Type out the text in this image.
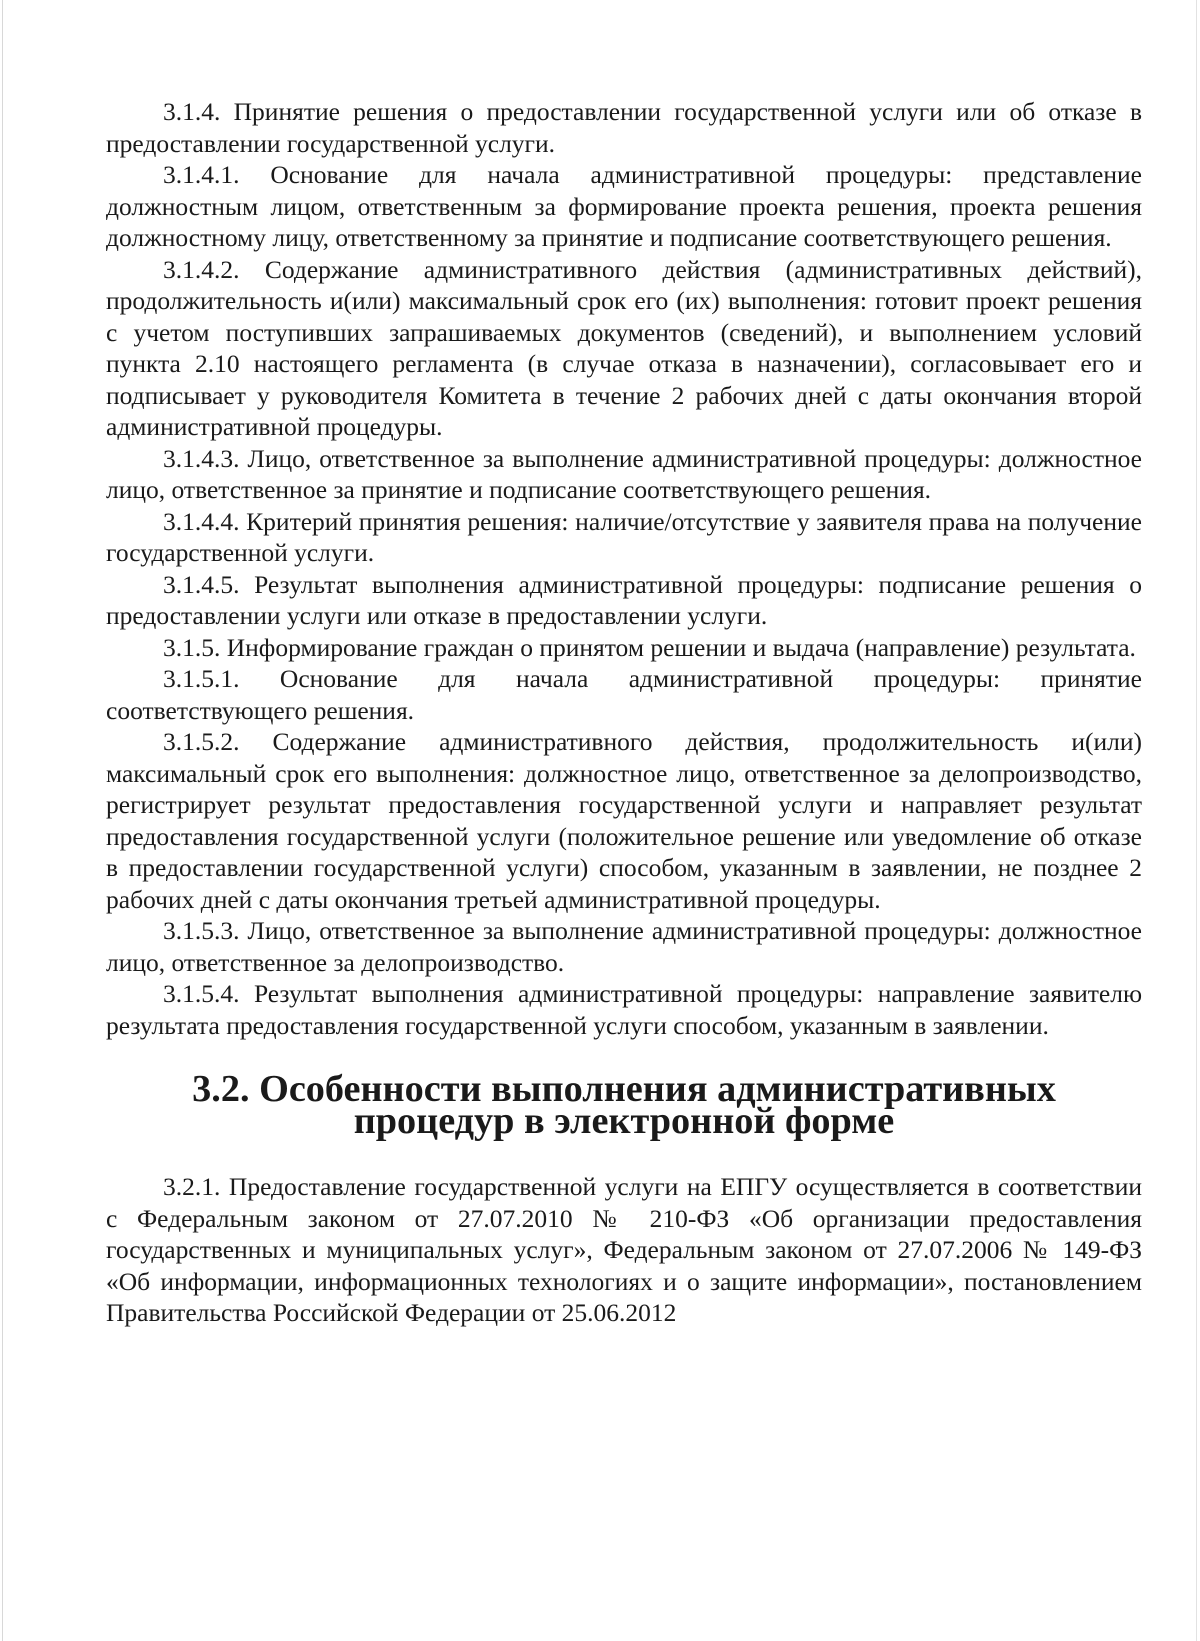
3.1.4. Принятие решения о предоставлении государственной услуги или об отказе в предоставлении государственной услуги.

3.1.4.1. Основание для начала административной процедуры: представление должностным лицом, ответственным за формирование проекта решения, проекта решения должностному лицу, ответственному за принятие и подписание соответствующего решения.

3.1.4.2. Содержание административного действия (административных действий), продолжительность и(или) максимальный срок его (их) выполнения: готовит проект решения с учетом поступивших запрашиваемых документов (сведений), и выполнением условий пункта 2.10 настоящего регламента (в случае отказа в назначении), согласовывает его и подписывает у руководителя Комитета в течение 2 рабочих дней с даты окончания второй административной процедуры.

3.1.4.3. Лицо, ответственное за выполнение административной процедуры: должностное лицо, ответственное за принятие и подписание соответствующего решения.

3.1.4.4. Критерий принятия решения: наличие/отсутствие у заявителя права на получение государственной услуги.

3.1.4.5. Результат выполнения административной процедуры: подписание решения о предоставлении услуги или отказе в предоставлении услуги.

3.1.5. Информирование граждан о принятом решении и выдача (направление) результата.

3.1.5.1. Основание для начала административной процедуры: принятие соответствующего решения.

3.1.5.2. Содержание административного действия, продолжительность и(или) максимальный срок его выполнения: должностное лицо, ответственное за делопроизводство, регистрирует результат предоставления государственной услуги и направляет результат предоставления государственной услуги (положительное решение или уведомление об отказе в предоставлении государственной услуги) способом, указанным в заявлении, не позднее 2 рабочих дней с даты окончания третьей административной процедуры.

3.1.5.3. Лицо, ответственное за выполнение административной процедуры: должностное лицо, ответственное за делопроизводство.

3.1.5.4. Результат выполнения административной процедуры: направление заявителю результата предоставления государственной услуги способом, указанным в заявлении.

3.2. Особенности выполнения административных процедур в электронной форме

3.2.1. Предоставление государственной услуги на ЕПГУ осуществляется в соответствии с Федеральным законом от 27.07.2010 № 210-ФЗ «Об организации предоставления государственных и муниципальных услуг», Федеральным законом от 27.07.2006 № 149-ФЗ «Об информации, информационных технологиях и о защите информации», постановлением Правительства Российской Федерации от 25.06.2012
